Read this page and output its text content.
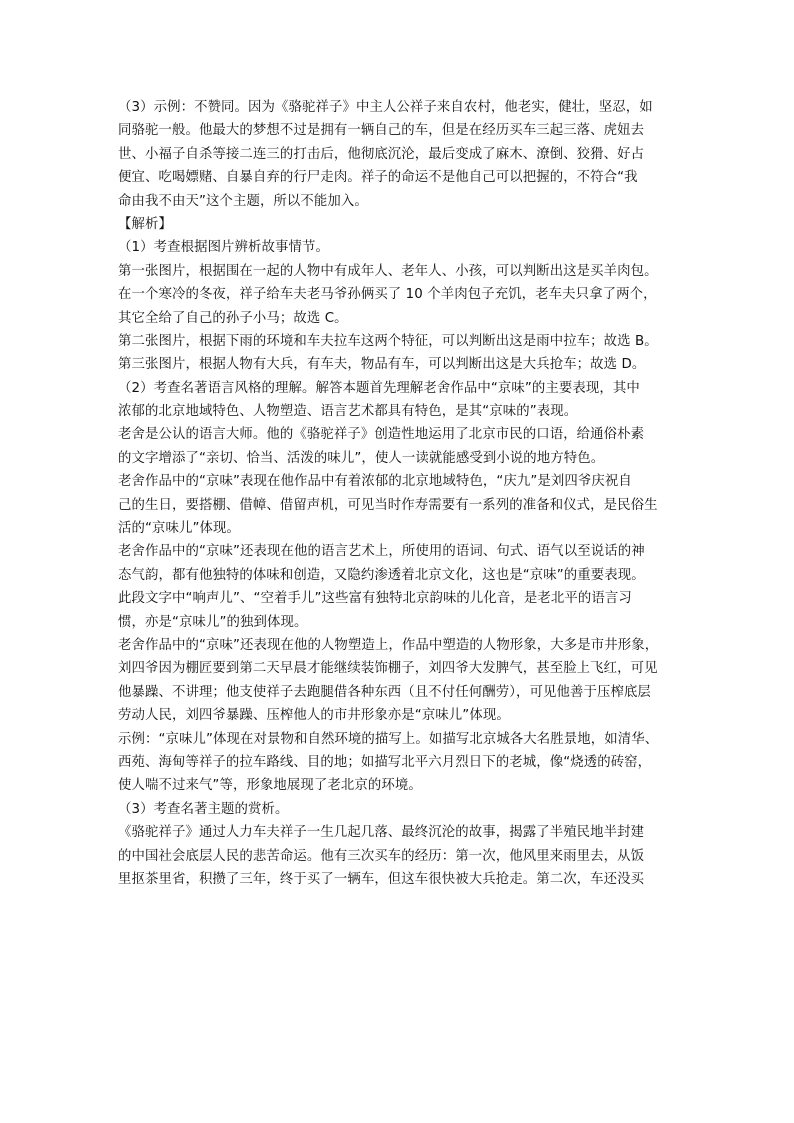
（3）示例：不赞同。因为《骆驼祥子》中主人公祥子来自农村，他老实，健壮，坚忍，如
同骆驼一般。他最大的梦想不过是拥有一辆自己的车，但是在经历买车三起三落、虎妞去
世、小福子自杀等接二连三的打击后，他彻底沉沦，最后变成了麻木、潦倒、狡猾、好占
便宜、吃喝嫖赌、自暴自弃的行尸走肉。祥子的命运不是他自己可以把握的，不符合“我
命由我不由天”这个主题，所以不能加入。
【解析】
（1）考查根据图片辨析故事情节。
第一张图片，根据围在一起的人物中有成年人、老年人、小孩，可以判断出这是买羊肉包。
在一个寒冷的冬夜，祥子给车夫老马爷孙俩买了 10 个羊肉包子充饥，老车夫只拿了两个，
其它全给了自己的孙子小马；故选 C。
第二张图片，根据下雨的环境和车夫拉车这两个特征，可以判断出这是雨中拉车；故选 B。
第三张图片，根据人物有大兵，有车夫，物品有车，可以判断出这是大兵抢车；故选 D。
（2）考查名著语言风格的理解。解答本题首先理解老舍作品中“京味”的主要表现，其中
浓郁的北京地域特色、人物塑造、语言艺术都具有特色，是其“京味的”表现。
老舍是公认的语言大师。他的《骆驼祥子》创造性地运用了北京市民的口语，给通俗朴素
的文字增添了“亲切、恰当、活泼的味儿”，使人一读就能感受到小说的地方特色。
老舍作品中的“京味”表现在他作品中有着浓郁的北京地域特色，“庆九”是刘四爷庆祝自
己的生日，要搭棚、借幛、借留声机，可见当时作寿需要有一系列的准备和仪式，是民俗生
活的“京味儿”体现。
老舍作品中的“京味”还表现在他的语言艺术上，所使用的语词、句式、语气以至说话的神
态气韵，都有他独特的体味和创造，又隐约渗透着北京文化，这也是“京味”的重要表现。
此段文字中“响声儿”、“空着手儿”这些富有独特北京韵味的儿化音，是老北平的语言习
惯，亦是“京味儿”的独到体现。
老舍作品中的“京味”还表现在他的人物塑造上，作品中塑造的人物形象，大多是市井形象，
刘四爷因为棚匠要到第二天早晨才能继续装饰棚子，刘四爷大发脾气，甚至脸上飞红，可见
他暴躁、不讲理；他支使祥子去跑腿借各种东西（且不付任何酬劳），可见他善于压榨底层
劳动人民，刘四爷暴躁、压榨他人的市井形象亦是“京味儿”体现。
示例：“京味儿”体现在对景物和自然环境的描写上。如描写北京城各大名胜景地，如清华、
西苑、海甸等祥子的拉车路线、目的地；如描写北平六月烈日下的老城，像“烧透的砖窑，
使人喘不过来气”等，形象地展现了老北京的环境。
（3）考查名著主题的赏析。
《骆驼祥子》通过人力车夫祥子一生几起几落、最终沉沦的故事，揭露了半殖民地半封建
的中国社会底层人民的悲苦命运。他有三次买车的经历：第一次，他风里来雨里去，从饭
里抠茶里省，积攒了三年，终于买了一辆车，但这车很快被大兵抢走。第二次，车还没买
